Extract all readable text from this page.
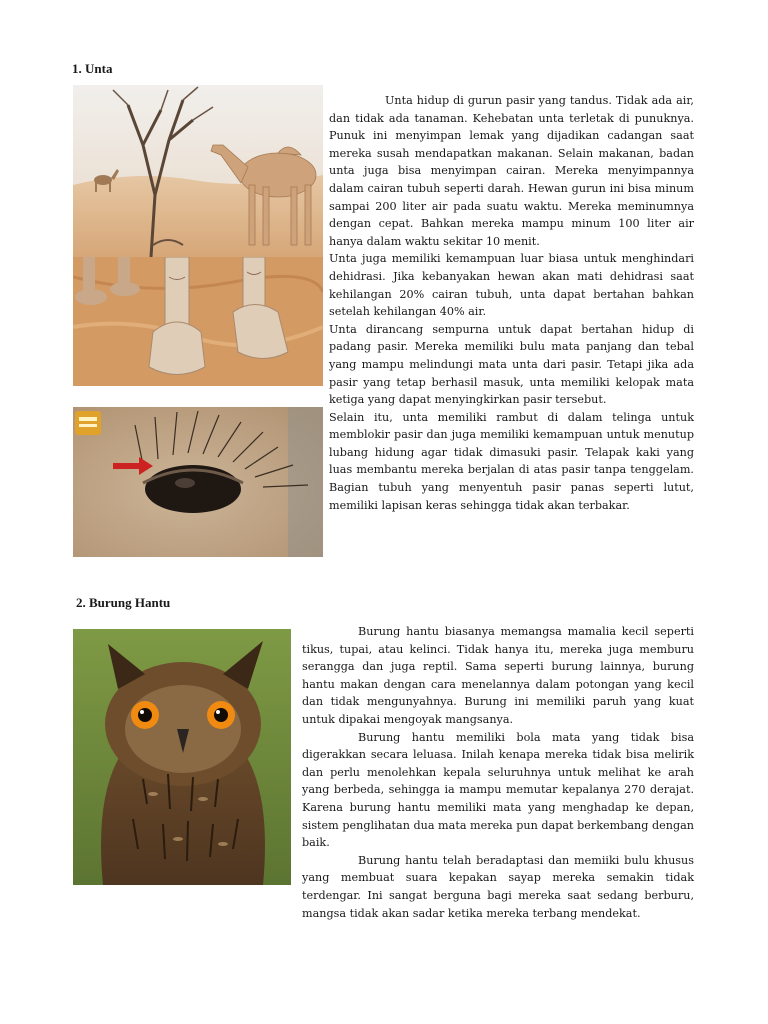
1. Unta

Unta hidup di gurun pasir yang tandus. Tidak ada air, dan tidak ada tanaman. Kehebatan unta terletak di punuknya. Punuk ini menyimpan lemak yang dijadikan cadangan saat mereka susah mendapatkan makanan. Selain makanan, badan unta juga bisa menyimpan cairan. Mereka menyimpannya dalam cairan tubuh seperti darah. Hewan gurun ini bisa minum sampai 200 liter air pada suatu waktu. Mereka meminumnya dengan cepat. Bahkan mereka mampu minum 100 liter air hanya dalam waktu sekitar 10 menit.

Unta juga memiliki kemampuan luar biasa untuk menghindari dehidrasi. Jika kebanyakan hewan akan mati dehidrasi saat kehilangan 20% cairan tubuh, unta dapat bertahan bahkan setelah kehilangan 40% air.

Unta dirancang sempurna untuk dapat bertahan hidup di padang pasir. Mereka memiliki bulu mata panjang dan tebal yang mampu melindungi mata unta dari pasir. Tetapi jika ada pasir yang tetap berhasil masuk, unta memiliki kelopak mata ketiga yang dapat menyingkirkan pasir tersebut.

Selain itu, unta memiliki rambut di dalam telinga untuk memblokir pasir dan juga memiliki kemampuan untuk menutup lubang hidung agar tidak dimasuki pasir. Telapak kaki yang luas membantu mereka berjalan di atas pasir tanpa tenggelam. Bagian tubuh yang menyentuh pasir panas seperti lutut, memiliki lapisan keras sehingga tidak akan terbakar.

2. Burung Hantu

Burung hantu biasanya memangsa mamalia kecil seperti tikus, tupai, atau kelinci. Tidak hanya itu, mereka juga memburu serangga dan juga reptil. Sama seperti burung lainnya, burung hantu makan dengan cara menelannya dalam potongan yang kecil dan tidak mengunyahnya. Burung ini memiliki paruh yang kuat untuk dipakai mengoyak mangsanya.

Burung hantu memiliki bola mata yang tidak bisa digerakkan secara leluasa. Inilah kenapa mereka tidak bisa melirik dan perlu menolehkan kepala seluruhnya untuk melihat ke arah yang berbeda, sehingga ia mampu memutar kepalanya 270 derajat. Karena burung hantu memiliki mata yang menghadap ke depan, sistem penglihatan dua mata mereka pun dapat berkembang dengan baik.

Burung hantu telah beradaptasi dan memiiki bulu khusus yang membuat suara kepakan sayap mereka semakin tidak terdengar. Ini sangat berguna bagi mereka saat sedang berburu, mangsa tidak akan sadar ketika mereka terbang mendekat.
